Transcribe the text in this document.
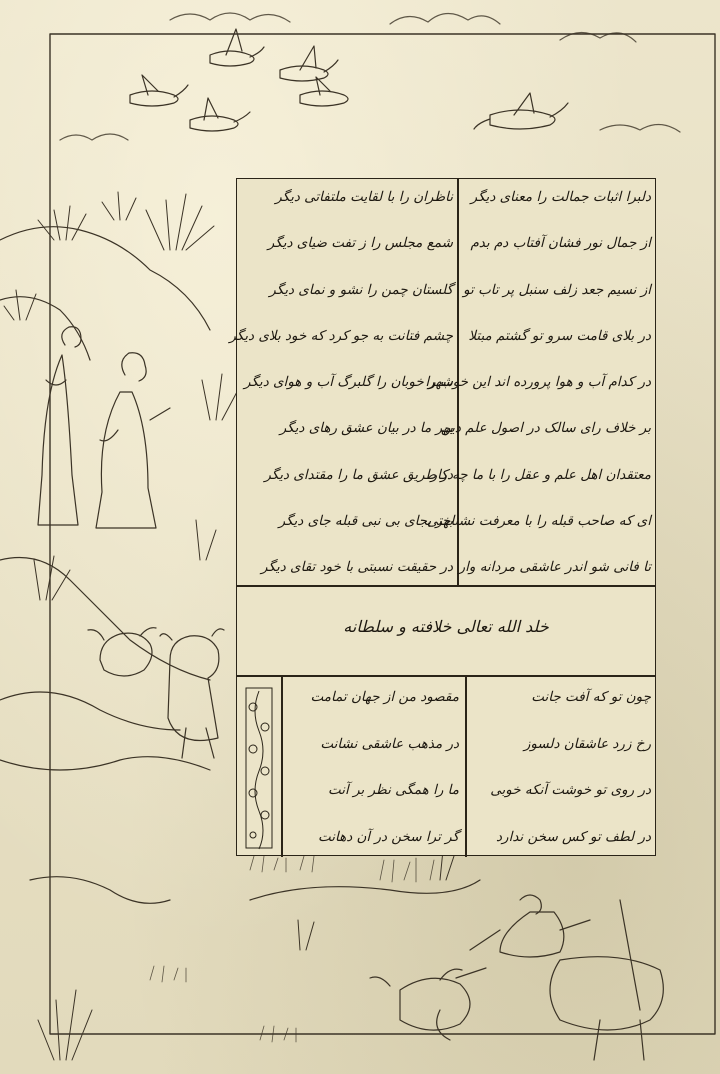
ناظران را با لقایت ملتفاتی دیگر
شمع مجلس را ز تفت ضیای دیگر
گلستان چمن را نشو و نمای دیگر
چشم فتانت به جو کرد که خود بلای دیگر
شهر خوبان را گلبرگ آب و هوای دیگر
بهر ما در بیان عشق رهای دیگر
در طریق عشق ما را مقتدای دیگر
بهر بجای بی نبی قبله جای دیگر
در حقیقت نسبتی با خود تقای دیگر
دلبرا اثبات جمالت را معنای دیگر
از جمال نور فشان آفتاب دم بدم
از نسیم جعد زلف سنبل پر تاب تو
در بلای قامت سرو تو گشتم مبتلا
در کدام آب و هوا پرورده اند این خوب را
بر خلاف رای سالک در اصول علم دین
معتقدان اهل علم و عقل را با ما چه کار
ای که صاحب قبله را با معرفت نشناختی
تا فانی شو اندر عاشقی مردانه وار
خلد الله تعالی خلافته و سلطانه
مقصود من از جهان تمامت
در مذهب عاشقی نشانت
ما را همگی نظر بر آنت
گر ترا سخن در آن دهانت
چون تو که آفت جانت
رخ زرد عاشقان دلسوز
در روی تو خوشت آنکه خوبی
در لطف تو کس سخن ندارد
